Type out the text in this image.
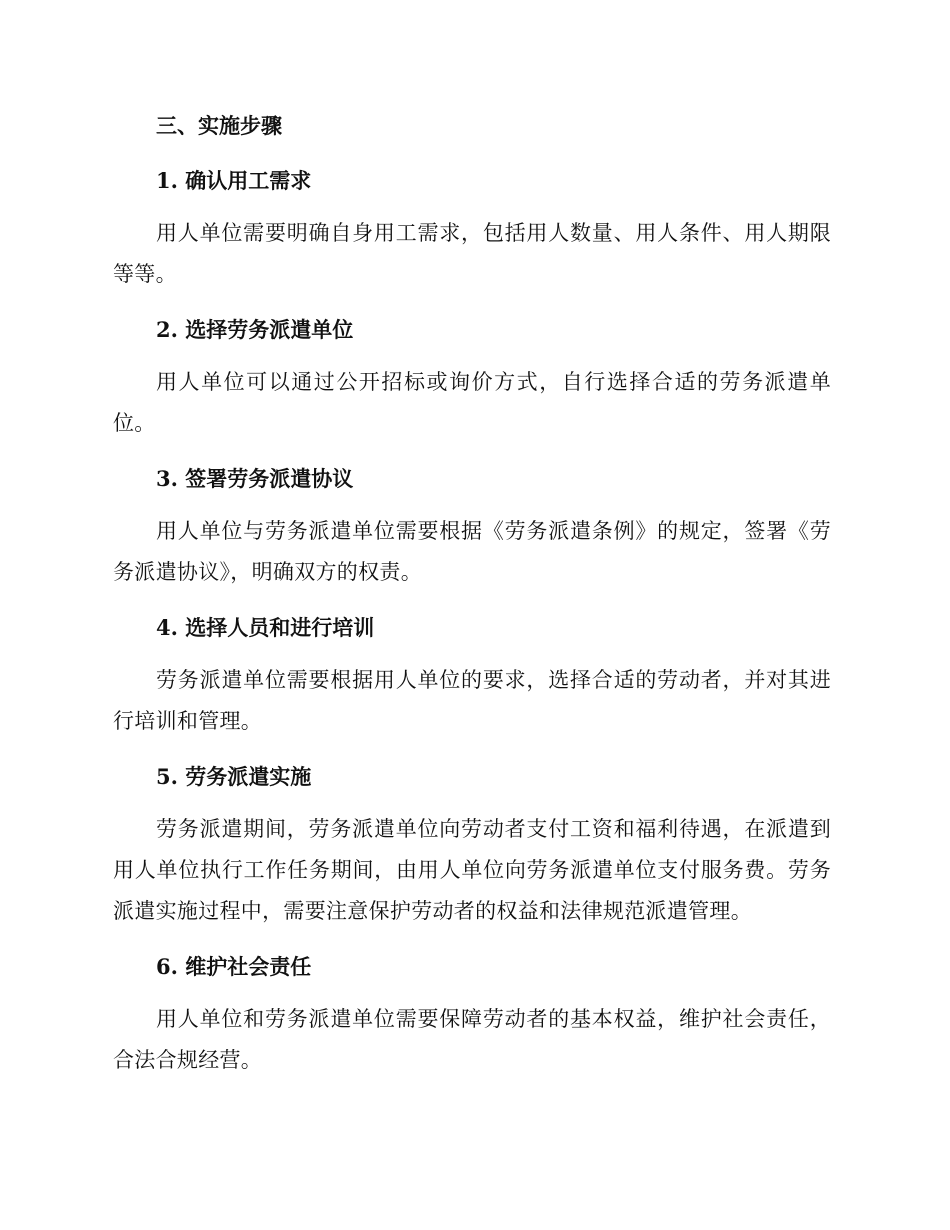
三、实施步骤
1. 确认用工需求

用人单位需要明确自身用工需求，包括用人数量、用人条件、用人期限等等。

2. 选择劳务派遣单位

用人单位可以通过公开招标或询价方式，自行选择合适的劳务派遣单位。

3. 签署劳务派遣协议

用人单位与劳务派遣单位需要根据《劳务派遣条例》的规定，签署《劳务派遣协议》，明确双方的权责。

4. 选择人员和进行培训

劳务派遣单位需要根据用人单位的要求，选择合适的劳动者，并对其进行培训和管理。

5. 劳务派遣实施

劳务派遣期间，劳务派遣单位向劳动者支付工资和福利待遇，在派遣到用人单位执行工作任务期间，由用人单位向劳务派遣单位支付服务费。劳务派遣实施过程中，需要注意保护劳动者的权益和法律规范派遣管理。

6. 维护社会责任

用人单位和劳务派遣单位需要保障劳动者的基本权益，维护社会责任，合法合规经营。
